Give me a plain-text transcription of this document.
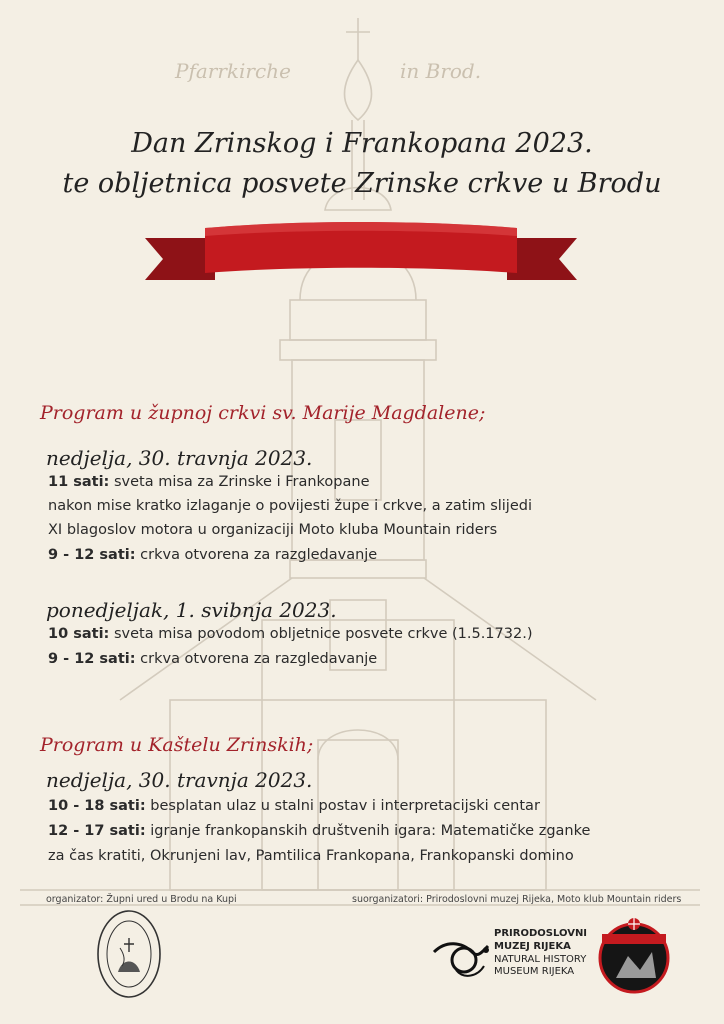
Pfarrkirche	in Brod.
Dan Zrinskog i Frankopana 2023.
te obljetnica posvete Zrinske crkve u Brodu
Program u župnoj crkvi sv. Marije Magdalene;
nedjelja, 30. travnja 2023.
11 sati: sveta misa za Zrinske i Frankopane
nakon mise kratko izlaganje o povijesti župe i crkve, a zatim slijedi
XI blagoslov motora u organizaciji Moto kluba Mountain riders
9 - 12 sati: crkva otvorena za razgledavanje
ponedjeljak, 1. svibnja 2023.
10 sati: sveta misa povodom obljetnice posvete crkve (1.5.1732.)
9 - 12 sati: crkva otvorena za razgledavanje
Program u Kaštelu Zrinskih;
nedjelja, 30. travnja 2023.
10 - 18 sati: besplatan ulaz u stalni postav i interpretacijski centar
12 - 17 sati: igranje frankopanskih društvenih igara: Matematičke zganke
za čas kratiti, Okrunjeni lav, Pamtilica Frankopana, Frankopanski domino
organizator: Župni ured u Brodu na Kupi	suorganizatori: Prirodoslovni muzej Rijeka, Moto klub Mountain riders
PRIRODOSLOVNI
MUZEJ RIJEKA
NATURAL HISTORY
MUSEUM RIJEKA
